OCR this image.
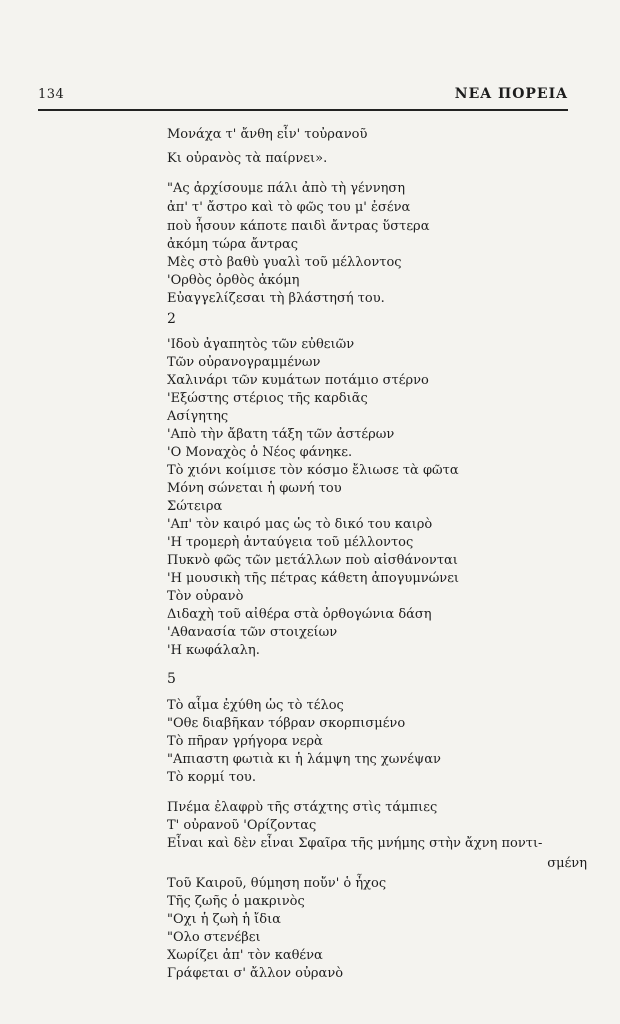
134	ΝΕΑ ΠΟΡΕΙΑ
Μονάχα τ' ἄνθη εἶν' τοὐρανοῦ
Κι οὐρανὸς τὰ παίρνει».
"Ας ἀρχίσουμε πάλι ἀπὸ τὴ γέννηση
ἀπ' τ' ἄστρο καὶ τὸ φῶς του μ' ἐσένα
ποὺ ἦσουν κάποτε παιδὶ ἄντρας ὕστερα
ἀκόμη τώρα ἄντρας
Μὲς στὸ βαθὺ γυαλὶ τοῦ μέλλοντος
'Ορθὸς ὀρθὸς ἀκόμη
Εὐαγγελίζεσαι τὴ βλάστησή του.
2
'Ιδοὺ ἀγαπητὸς τῶν εὐθειῶν
Τῶν οὐρανογραμμένων
Χαλινάρι τῶν κυμάτων ποτάμιο στέρνο
'Εξώστης στέριος τῆς καρδιᾶς
Ασίγητης
'Απὸ τὴν ἄβατη τάξη τῶν ἀστέρων
'Ο Μοναχὸς ὁ Νέος φάνηκε.
Τὸ χιόνι κοίμισε τὸν κόσμο ἔλιωσε τὰ φῶτα
Μόνη σώνεται ἡ φωνή του
Σώτειρα
'Απ' τὸν καιρό μας ὡς τὸ δικό του καιρὸ
'Η τρομερὴ ἀνταύγεια τοῦ μέλλοντος
Πυκνὸ φῶς τῶν μετάλλων ποὺ αἰσθάνονται
'Η μουσικὴ τῆς πέτρας κάθετη ἀπογυμνώνει
Τὸν οὐρανὸ
Διδαχὴ τοῦ αἰθέρα στὰ ὀρθογώνια δάση
'Αθανασία τῶν στοιχείων
'Η κωφάλαλη.
5
Τὸ αἷμα ἐχύθη ὡς τὸ τέλος
"Οθε διαβῆκαν τόβραν σκορπισμένο
Τὸ πῆραν γρήγορα νερὰ
"Απιαστη φωτιὰ κι ἡ λάμψη της χωνέψαν
Τὸ κορμί του.
Πνέμα ἐλαφρὺ τῆς στάχτης στὶς τάμπιες
Τ' οὐρανοῦ 'Ορίζοντας
Εἶναι καὶ δὲν εἶναι Σφαῖρα τῆς μνήμης στὴν ἄχνη ποντι-
σμένη
Τοῦ Καιροῦ, θύμηση ποὔν' ὁ ἦχος
Τῆς ζωῆς ὁ μακρινὸς
"Οχι ἡ ζωὴ ἡ ἴδια
"Ολο στενέβει
Χωρίζει ἀπ' τὸν καθένα
Γράφεται σ' ἄλλον οὐρανὸ
